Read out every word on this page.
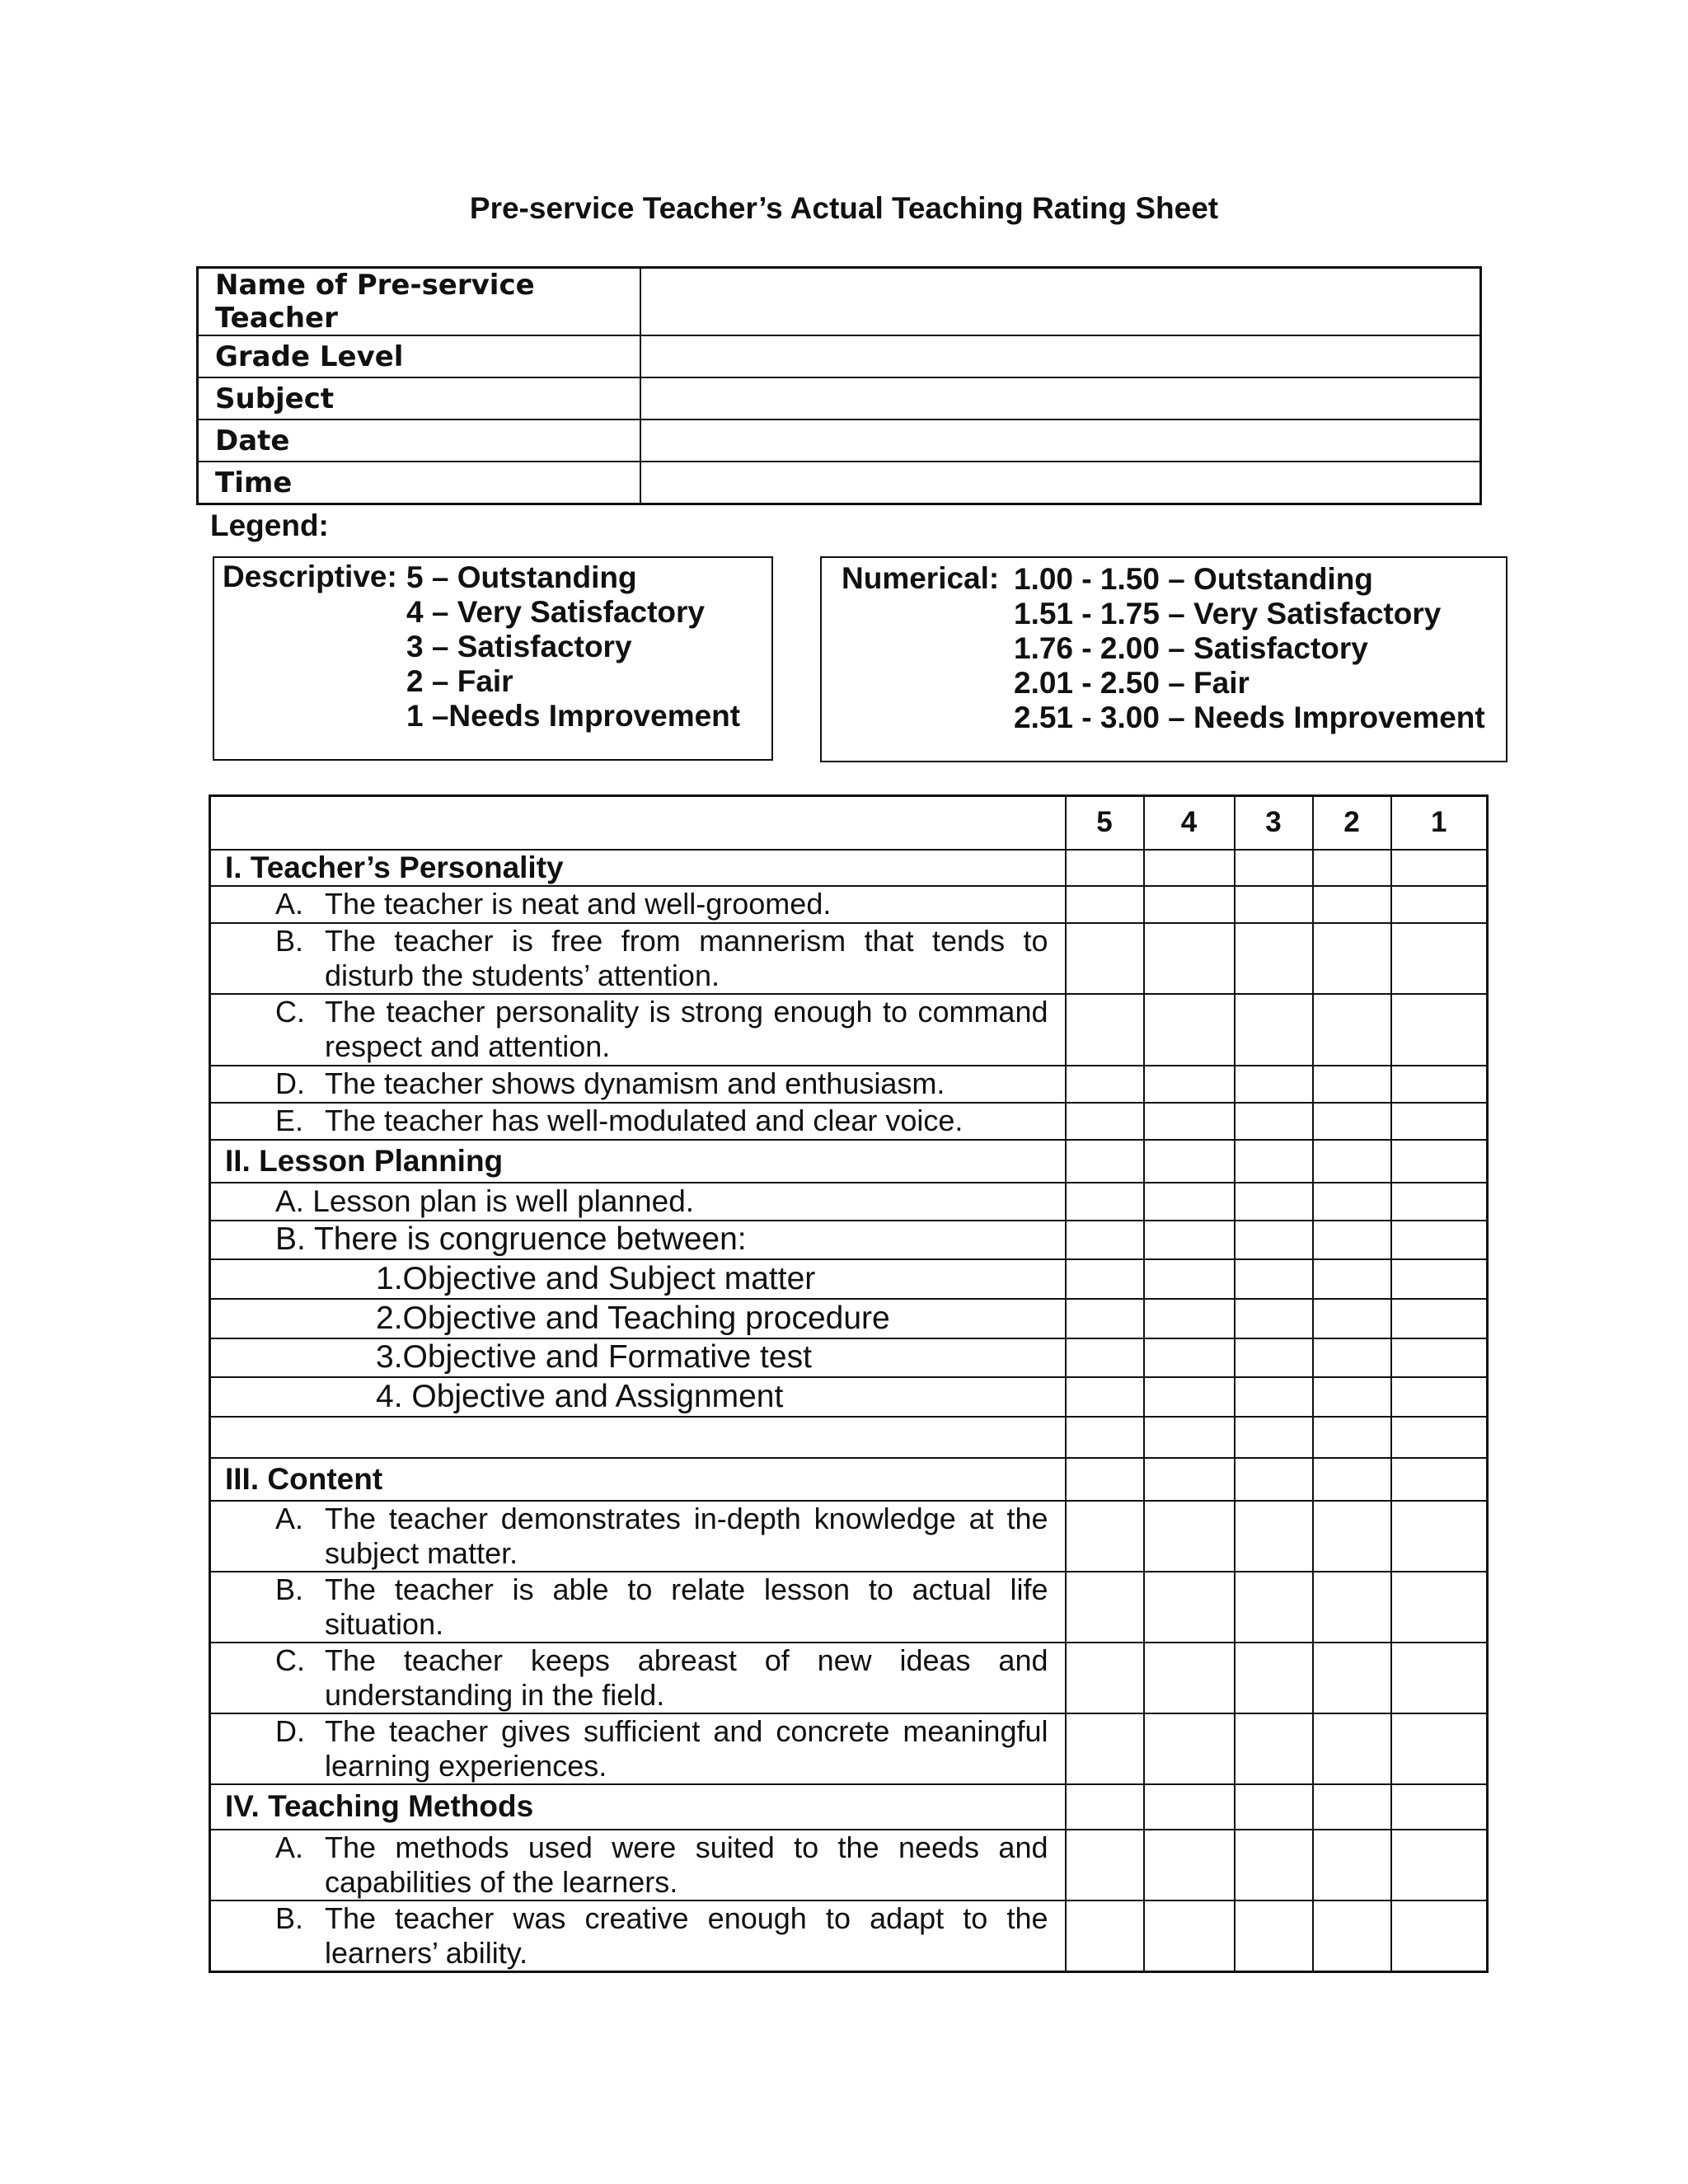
Pre-service Teacher’s Actual Teaching Rating Sheet
Name of Pre-service Teacher	
Grade Level	
Subject	
Date	
Time	
Legend:
Descriptive: 5 – Outstanding
4 – Very Satisfactory
3 – Satisfactory
2 – Fair
1 –Needs Improvement
Numerical: 1.00 - 1.50 – Outstanding
1.51 - 1.75 – Very Satisfactory
1.76 - 2.00 – Satisfactory
2.01 - 2.50 – Fair
2.51 - 3.00 – Needs Improvement
	5	4	3	2	1
I. Teacher’s Personality					

A. The teacher is neat and well-groomed.					

B. The teacher is free from mannerism that tends to disturb the students’ attention.					

C. The teacher personality is strong enough to command respect and attention.					

D. The teacher shows dynamism and enthusiasm.					

E. The teacher has well-modulated and clear voice.					

II. Lesson Planning					
A. Lesson plan is well planned.					
B. There is congruence between:					
1.Objective and Subject matter					
2.Objective and Teaching procedure					
3.Objective and Formative test					
4. Objective and Assignment					

III. Content					

A. The teacher demonstrates in-depth knowledge at the subject matter.					

B. The teacher is able to relate lesson to actual life situation.					

C. The teacher keeps abreast of new ideas and understanding in the field.					

D. The teacher gives sufficient and concrete meaningful learning experiences.					

IV. Teaching Methods					

A. The methods used were suited to the needs and capabilities of the learners.					

B. The teacher was creative enough to adapt to the learners’ ability.					
